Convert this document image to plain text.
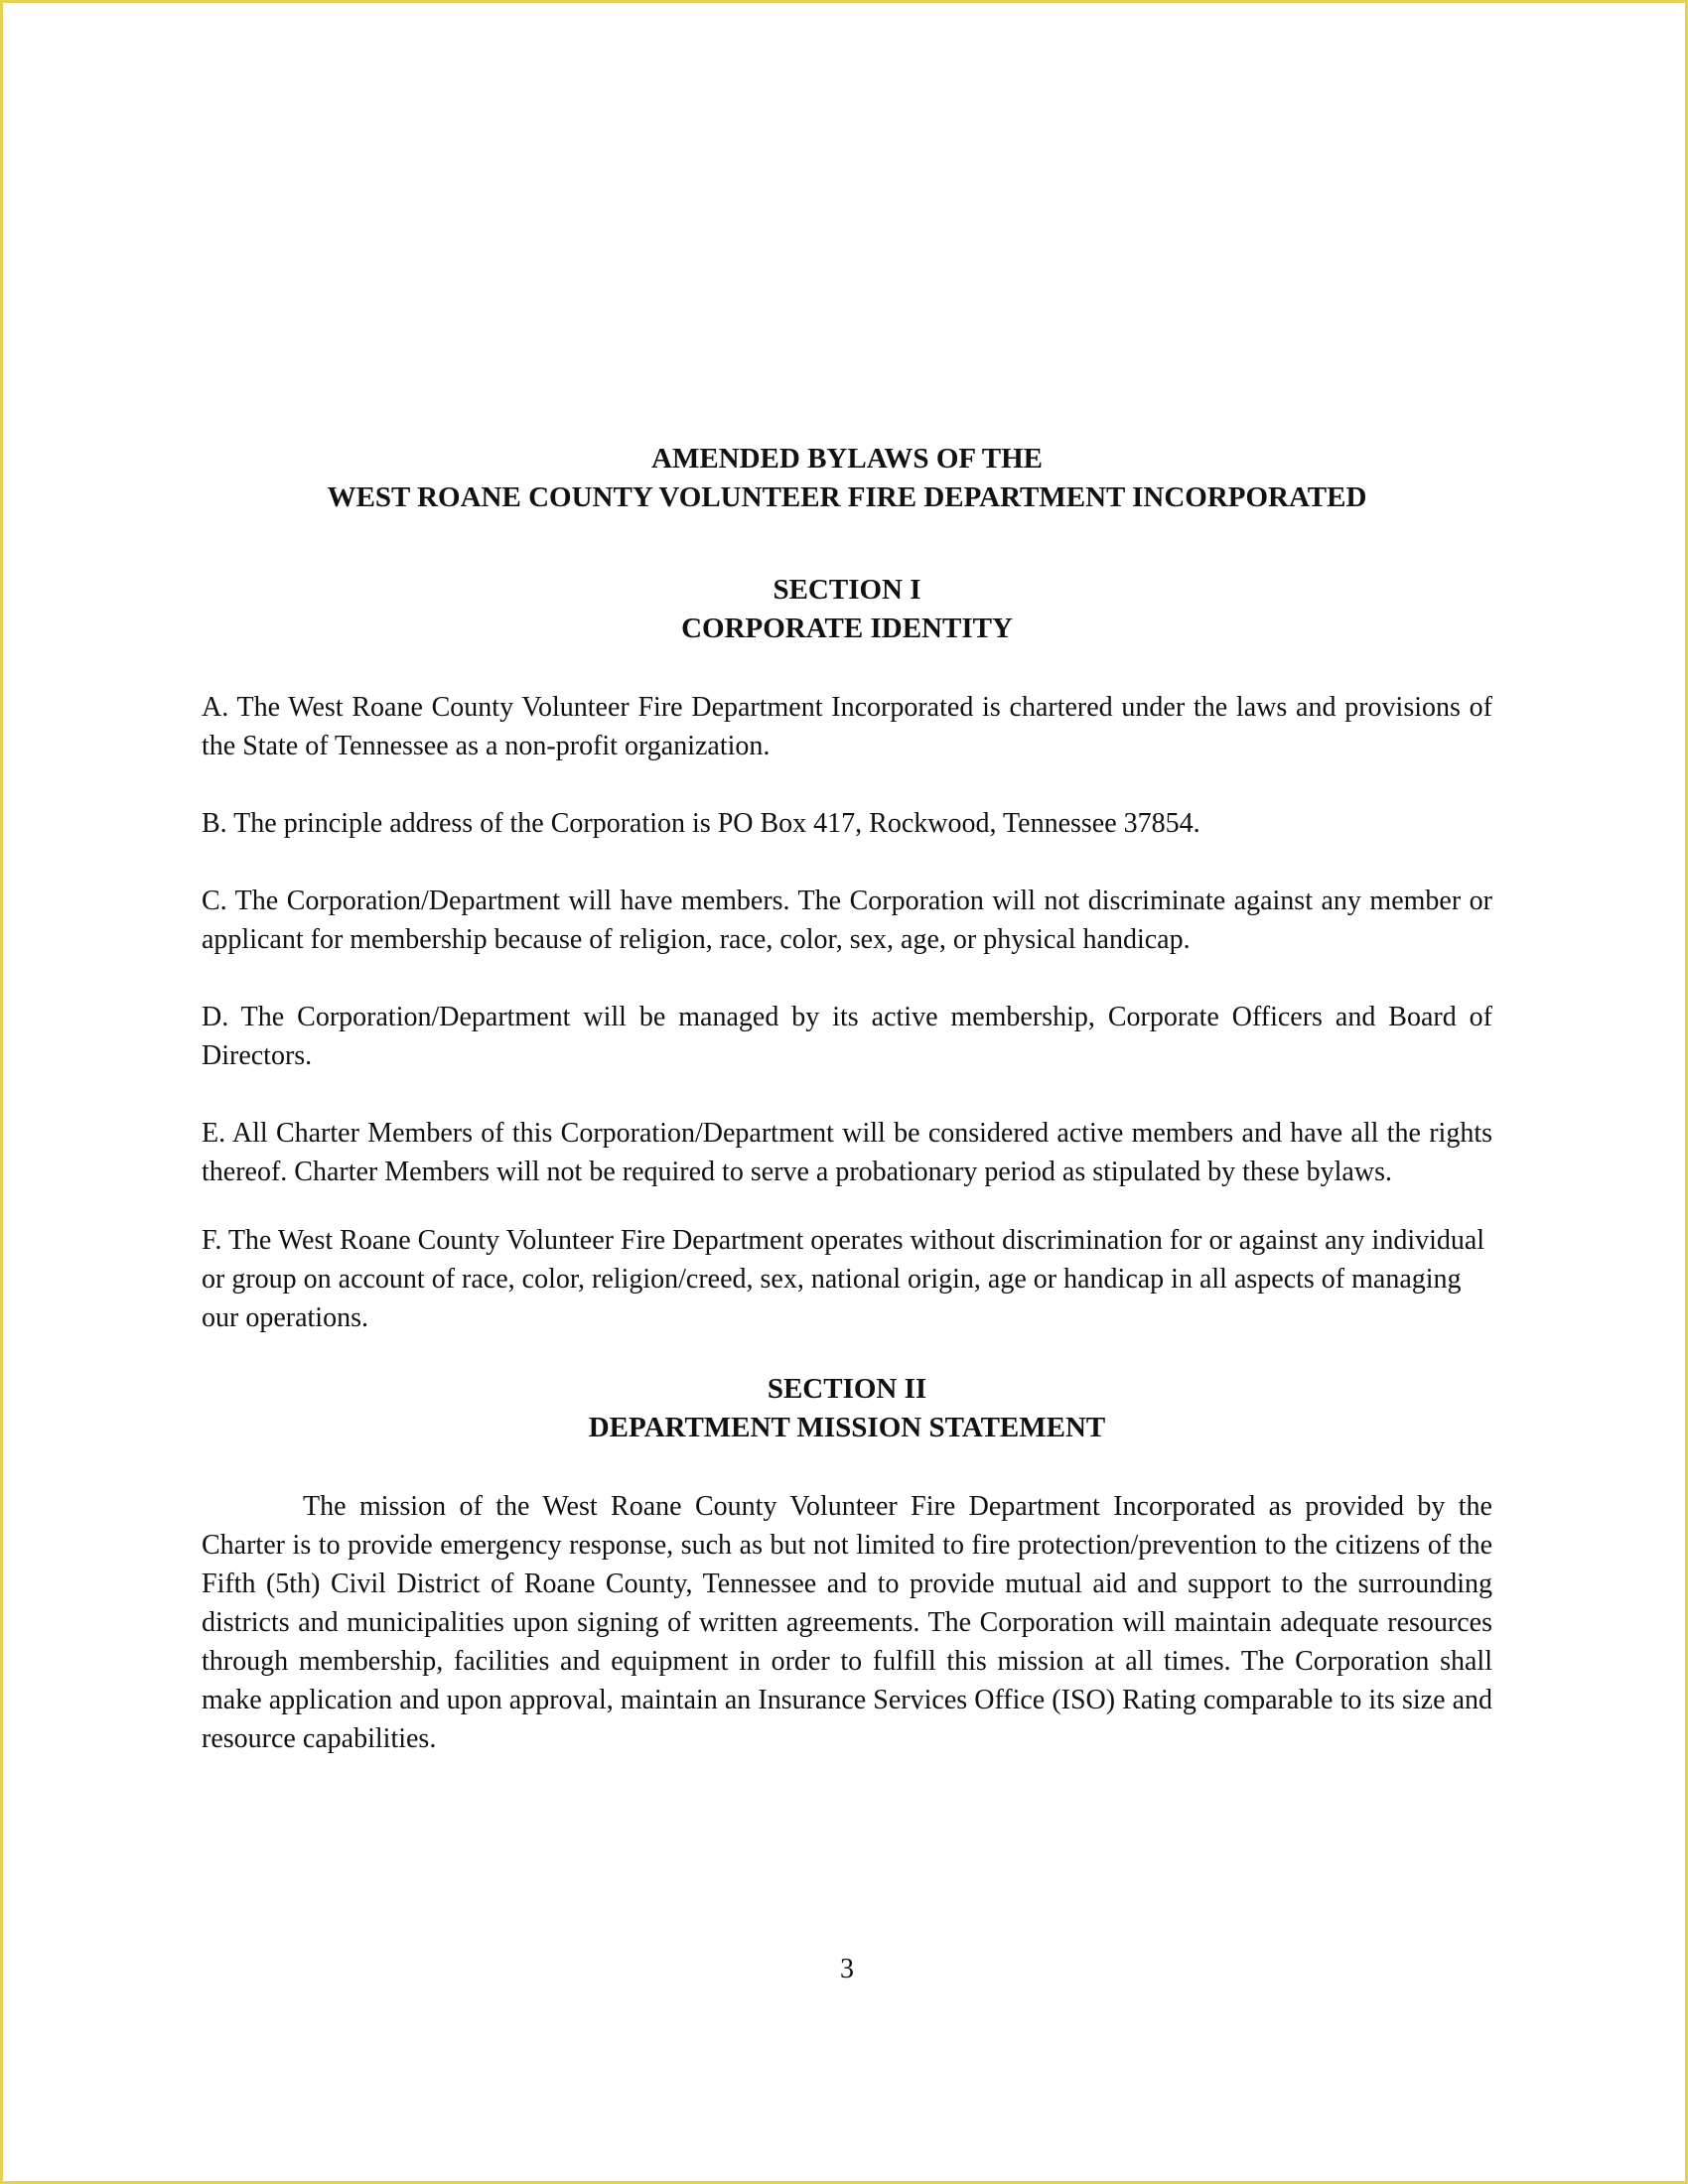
AMENDED BYLAWS OF THE

WEST ROANE COUNTY VOLUNTEER FIRE DEPARTMENT INCORPORATED

SECTION I

CORPORATE IDENTITY

A. The West Roane County Volunteer Fire Department Incorporated is chartered under the laws and provisions of the State of Tennessee as a non-profit organization.

B. The principle address of the Corporation is PO Box 417, Rockwood, Tennessee 37854.

C. The Corporation/Department will have members. The Corporation will not discriminate against any member or applicant for membership because of religion, race, color, sex, age, or physical handicap.

D. The Corporation/Department will be managed by its active membership, Corporate Officers and Board of Directors.

E. All Charter Members of this Corporation/Department will be considered active members and have all the rights thereof. Charter Members will not be required to serve a probationary period as stipulated by these bylaws.

F. The West Roane County Volunteer Fire Department operates without discrimination for or against any individual or group on account of race, color, religion/creed, sex, national origin, age or handicap in all aspects of managing our operations.

SECTION II

DEPARTMENT MISSION STATEMENT

The mission of the West Roane County Volunteer Fire Department Incorporated as provided by the Charter is to provide emergency response, such as but not limited to fire protection/prevention to the citizens of the Fifth (5th) Civil District of Roane County, Tennessee and to provide mutual aid and support to the surrounding districts and municipalities upon signing of written agreements. The Corporation will maintain adequate resources through membership, facilities and equipment in order to fulfill this mission at all times. The Corporation shall make application and upon approval, maintain an Insurance Services Office (ISO) Rating comparable to its size and resource capabilities.

3
